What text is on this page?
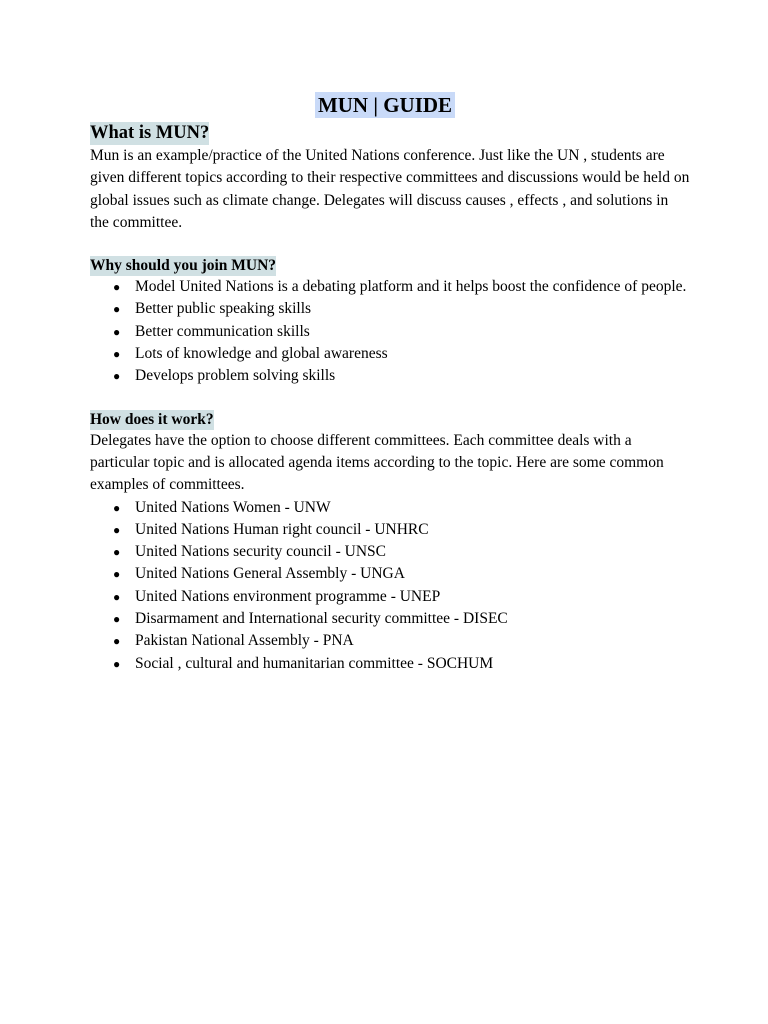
MUN | GUIDE
What is MUN?

Mun is an example/practice of the United Nations conference. Just like the UN , students are given different topics according to their respective committees and discussions would be held on global issues such as climate change. Delegates will discuss causes , effects , and solutions in the committee.

Why should you join MUN?
● Model United Nations is a debating platform and it helps boost the confidence of people.
● Better public speaking skills
● Better communication skills
● Lots of knowledge and global awareness
● Develops problem solving skills
How does it work?

Delegates have the option to choose different committees. Each committee deals with a particular topic and is allocated agenda items according to the topic. Here are some common examples of committees.

● United Nations Women - UNW
● United Nations Human right council - UNHRC
● United Nations security council - UNSC
● United Nations General Assembly - UNGA
● United Nations environment programme - UNEP
● Disarmament and International security committee - DISEC
● Pakistan National Assembly - PNA
● Social , cultural and humanitarian committee - SOCHUM
